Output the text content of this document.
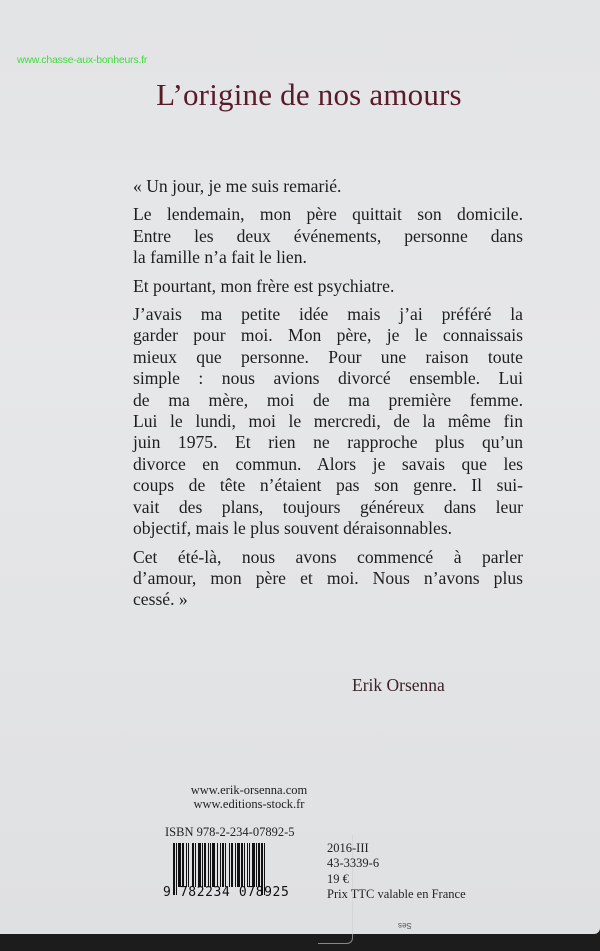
www.chasse-aux-bonheurs.fr
L’origine de nos amours

« Un jour, je me suis remarié.

Le lendemain, mon père quittait son domicile.
Entre les deux événements, personne dans
la famille n’a fait le lien.

Et pourtant, mon frère est psychiatre.

J’avais ma petite idée mais j’ai préféré la
garder pour moi. Mon père, je le connaissais
mieux que personne. Pour une raison toute
simple : nous avions divorcé ensemble. Lui
de ma mère, moi de ma première femme.
Lui le lundi, moi le mercredi, de la même fin
juin 1975. Et rien ne rapproche plus qu’un
divorce en commun. Alors je savais que les
coups de tête n’étaient pas son genre. Il sui-
vait des plans, toujours généreux dans leur
objectif, mais le plus souvent déraisonnables.

Cet été-là, nous avons commencé à parler
d’amour, mon père et moi. Nous n’avons plus
cessé. »

Erik Orsenna
www.erik-orsenna.com
www.editions-stock.fr
ISBN 978-2-234-07892-5
9 782234 078925
2016-III
43-3339-6
19 €
Prix TTC valable en France
Ses
